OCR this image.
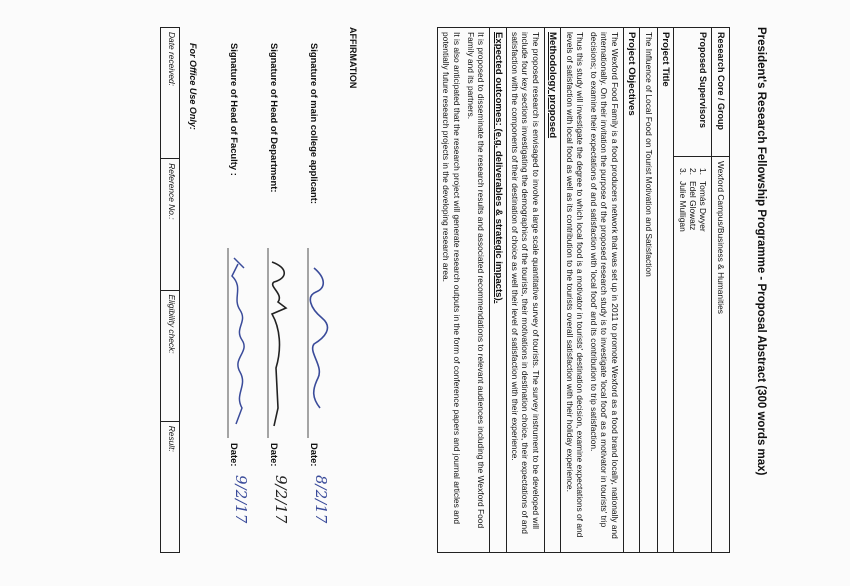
President's Research Fellowship Programme - Proposal Abstract (300 words max)
Research Core / Group
Wexford Campus/Business & Humanities
Proposed Supervisors
1.
Tomás Dwyer
2.
Edel Glowatz
3.
Julie Mulligan
Project Title
The Influence of Local Food on Tourist Motivation and Satisfaction
Project Objectives

The Wexford Food Family is a food producers network that was set up in 2011 to promote Wexford as a food brand locally, nationally and internationally. On their invitation the purpose of the proposed research study is to investigate 'local food' as a motivator in tourists' trip decisions; to examine their expectations of and satisfaction with 'local food' and its contribution to trip satisfaction.

Thus this study will investigate the degree to which local food is a motivator in tourists' destination decision, examine expectations of and levels of satisfaction with local food as well as its contribution to the tourists overall satisfaction with their holiday experience.

Methodology proposed
The proposed research is envisaged to involve a large scale quantitative survey of tourists. The survey instrument to be developed will include four key sections investigating the demographics of the tourists, their motivations in destination choice, their expectations of and satisfaction with the components of their destination of choice as well their level of satisfaction with their experience.
Expected outcomes: (e.g. deliverables & strategic impacts).

It is proposed to disseminate the research results and associated recommendations to relevant audiences including the Wexford Food Family and its partners.

It is also anticipated that the research project will generate research outputs in the form of conference papers and journal articles and potentially future research projects in the developing research area.

AFFIRMATION
Signature of main college applicant:
Date:
8/2/17
Signature of Head of Department:
Date:
9/2/17
Signature of Head of Faculty :
Date:
9/2/17
For Office Use Only:
Date received:
Reference No.:
Eligibility check:
Result:
